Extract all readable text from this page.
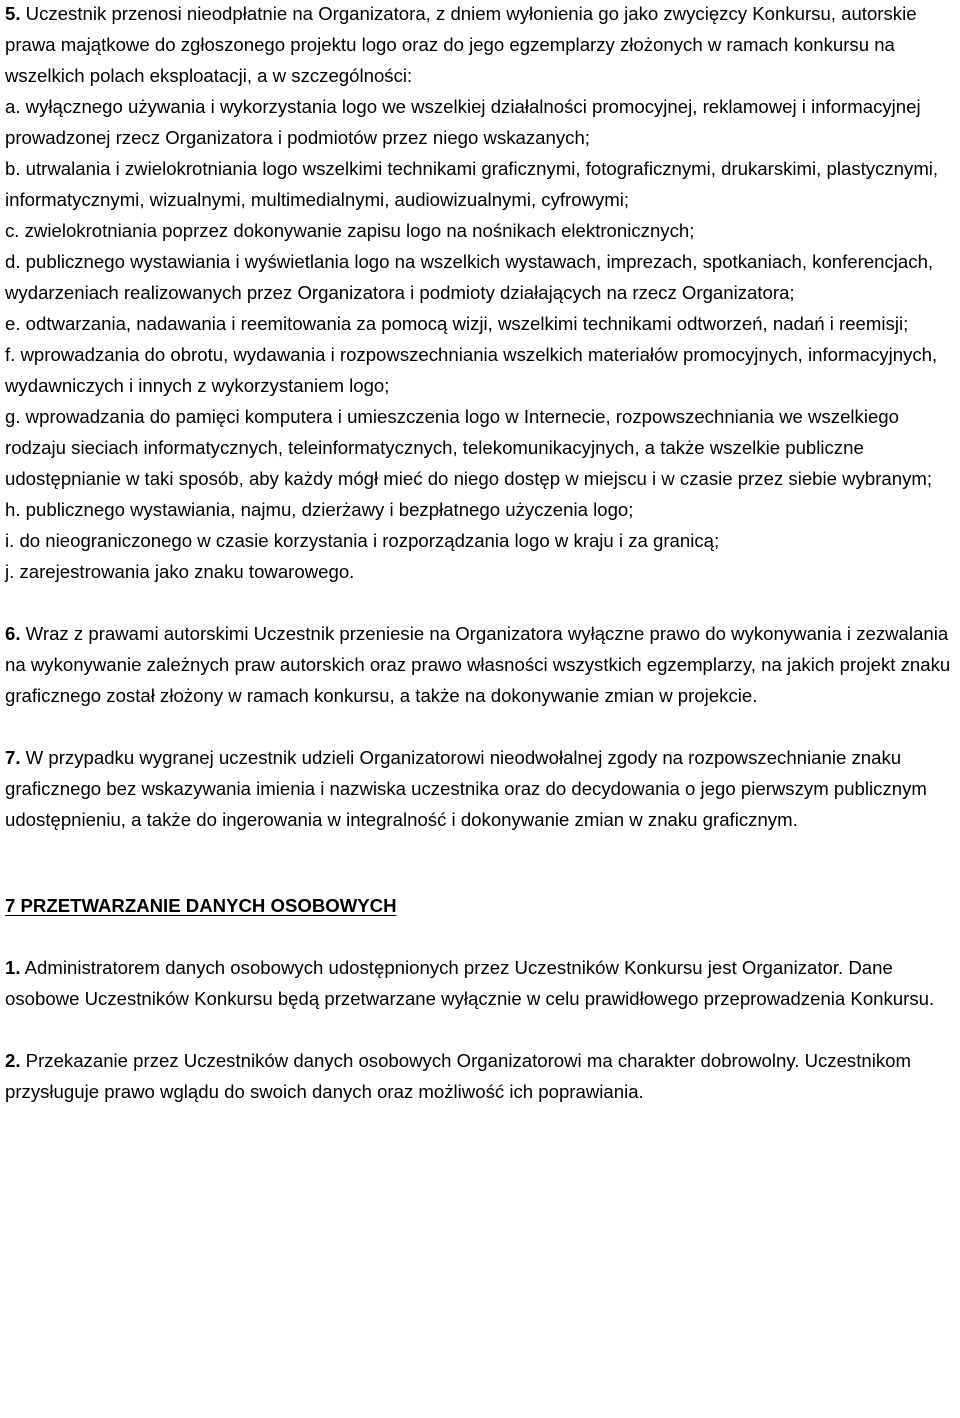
5. Uczestnik przenosi nieodpłatnie na Organizatora, z dniem wyłonienia go jako zwycięzcy Konkursu, autorskie prawa majątkowe do zgłoszonego projektu logo oraz do jego egzemplarzy złożonych w ramach konkursu na wszelkich polach eksploatacji, a w szczególności:

a. wyłącznego używania i wykorzystania logo we wszelkiej działalności promocyjnej, reklamowej i informacyjnej prowadzonej rzecz Organizatora i podmiotów przez niego wskazanych;

b. utrwalania i zwielokrotniania logo wszelkimi technikami graficznymi, fotograficznymi, drukarskimi, plastycznymi, informatycznymi, wizualnymi, multimedialnymi, audiowizualnymi, cyfrowymi;

c. zwielokrotniania poprzez dokonywanie zapisu logo na nośnikach elektronicznych;

d. publicznego wystawiania i wyświetlania logo na wszelkich wystawach, imprezach, spotkaniach, konferencjach, wydarzeniach realizowanych przez Organizatora i podmioty działających na rzecz Organizatora;

e. odtwarzania, nadawania i reemitowania za pomocą wizji, wszelkimi technikami odtworzeń, nadań i reemisji;

f. wprowadzania do obrotu, wydawania i rozpowszechniania wszelkich materiałów promocyjnych, informacyjnych, wydawniczych i innych z wykorzystaniem logo;

g. wprowadzania do pamięci komputera i umieszczenia logo w Internecie, rozpowszechniania we wszelkiego rodzaju sieciach informatycznych, teleinformatycznych, telekomunikacyjnych, a także wszelkie publiczne udostępnianie w taki sposób, aby każdy mógł mieć do niego dostęp w miejscu i w czasie przez siebie wybranym;

h. publicznego wystawiania, najmu, dzierżawy i bezpłatnego użyczenia logo;

i. do nieograniczonego w czasie korzystania i rozporządzania logo w kraju i za granicą;

j. zarejestrowania jako znaku towarowego.

6. Wraz z prawami autorskimi Uczestnik przeniesie na Organizatora wyłączne prawo do wykonywania i zezwalania na wykonywanie zależnych praw autorskich oraz prawo własności wszystkich egzemplarzy, na jakich projekt znaku graficznego został złożony w ramach konkursu, a także na dokonywanie zmian w projekcie.

7. W przypadku wygranej uczestnik udzieli Organizatorowi nieodwołalnej zgody na rozpowszechnianie znaku graficznego bez wskazywania imienia i nazwiska uczestnika oraz do decydowania o jego pierwszym publicznym udostępnieniu, a także do ingerowania w integralność i dokonywanie zmian w znaku graficznym.

7 PRZETWARZANIE DANYCH OSOBOWYCH

1. Administratorem danych osobowych udostępnionych przez Uczestników Konkursu jest Organizator. Dane osobowe Uczestników Konkursu będą przetwarzane wyłącznie w celu prawidłowego przeprowadzenia Konkursu.

2. Przekazanie przez Uczestników danych osobowych Organizatorowi ma charakter dobrowolny. Uczestnikom przysługuje prawo wglądu do swoich danych oraz możliwość ich poprawiania.
